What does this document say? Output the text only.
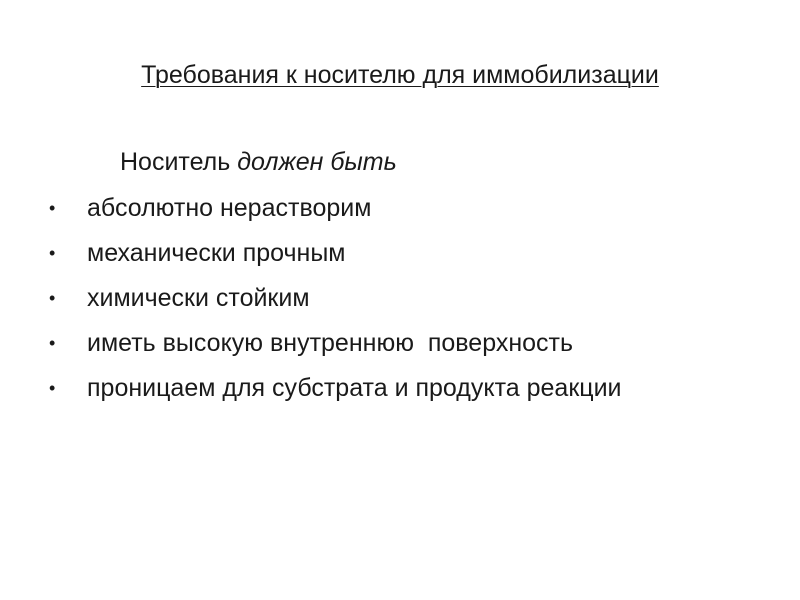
Требования к носителю для иммобилизации
Носитель должен быть
• абсолютно нерастворим
• механически прочным
• химически стойким
• иметь высокую внутреннюю  поверхность
• проницаем для субстрата и продукта реакции
